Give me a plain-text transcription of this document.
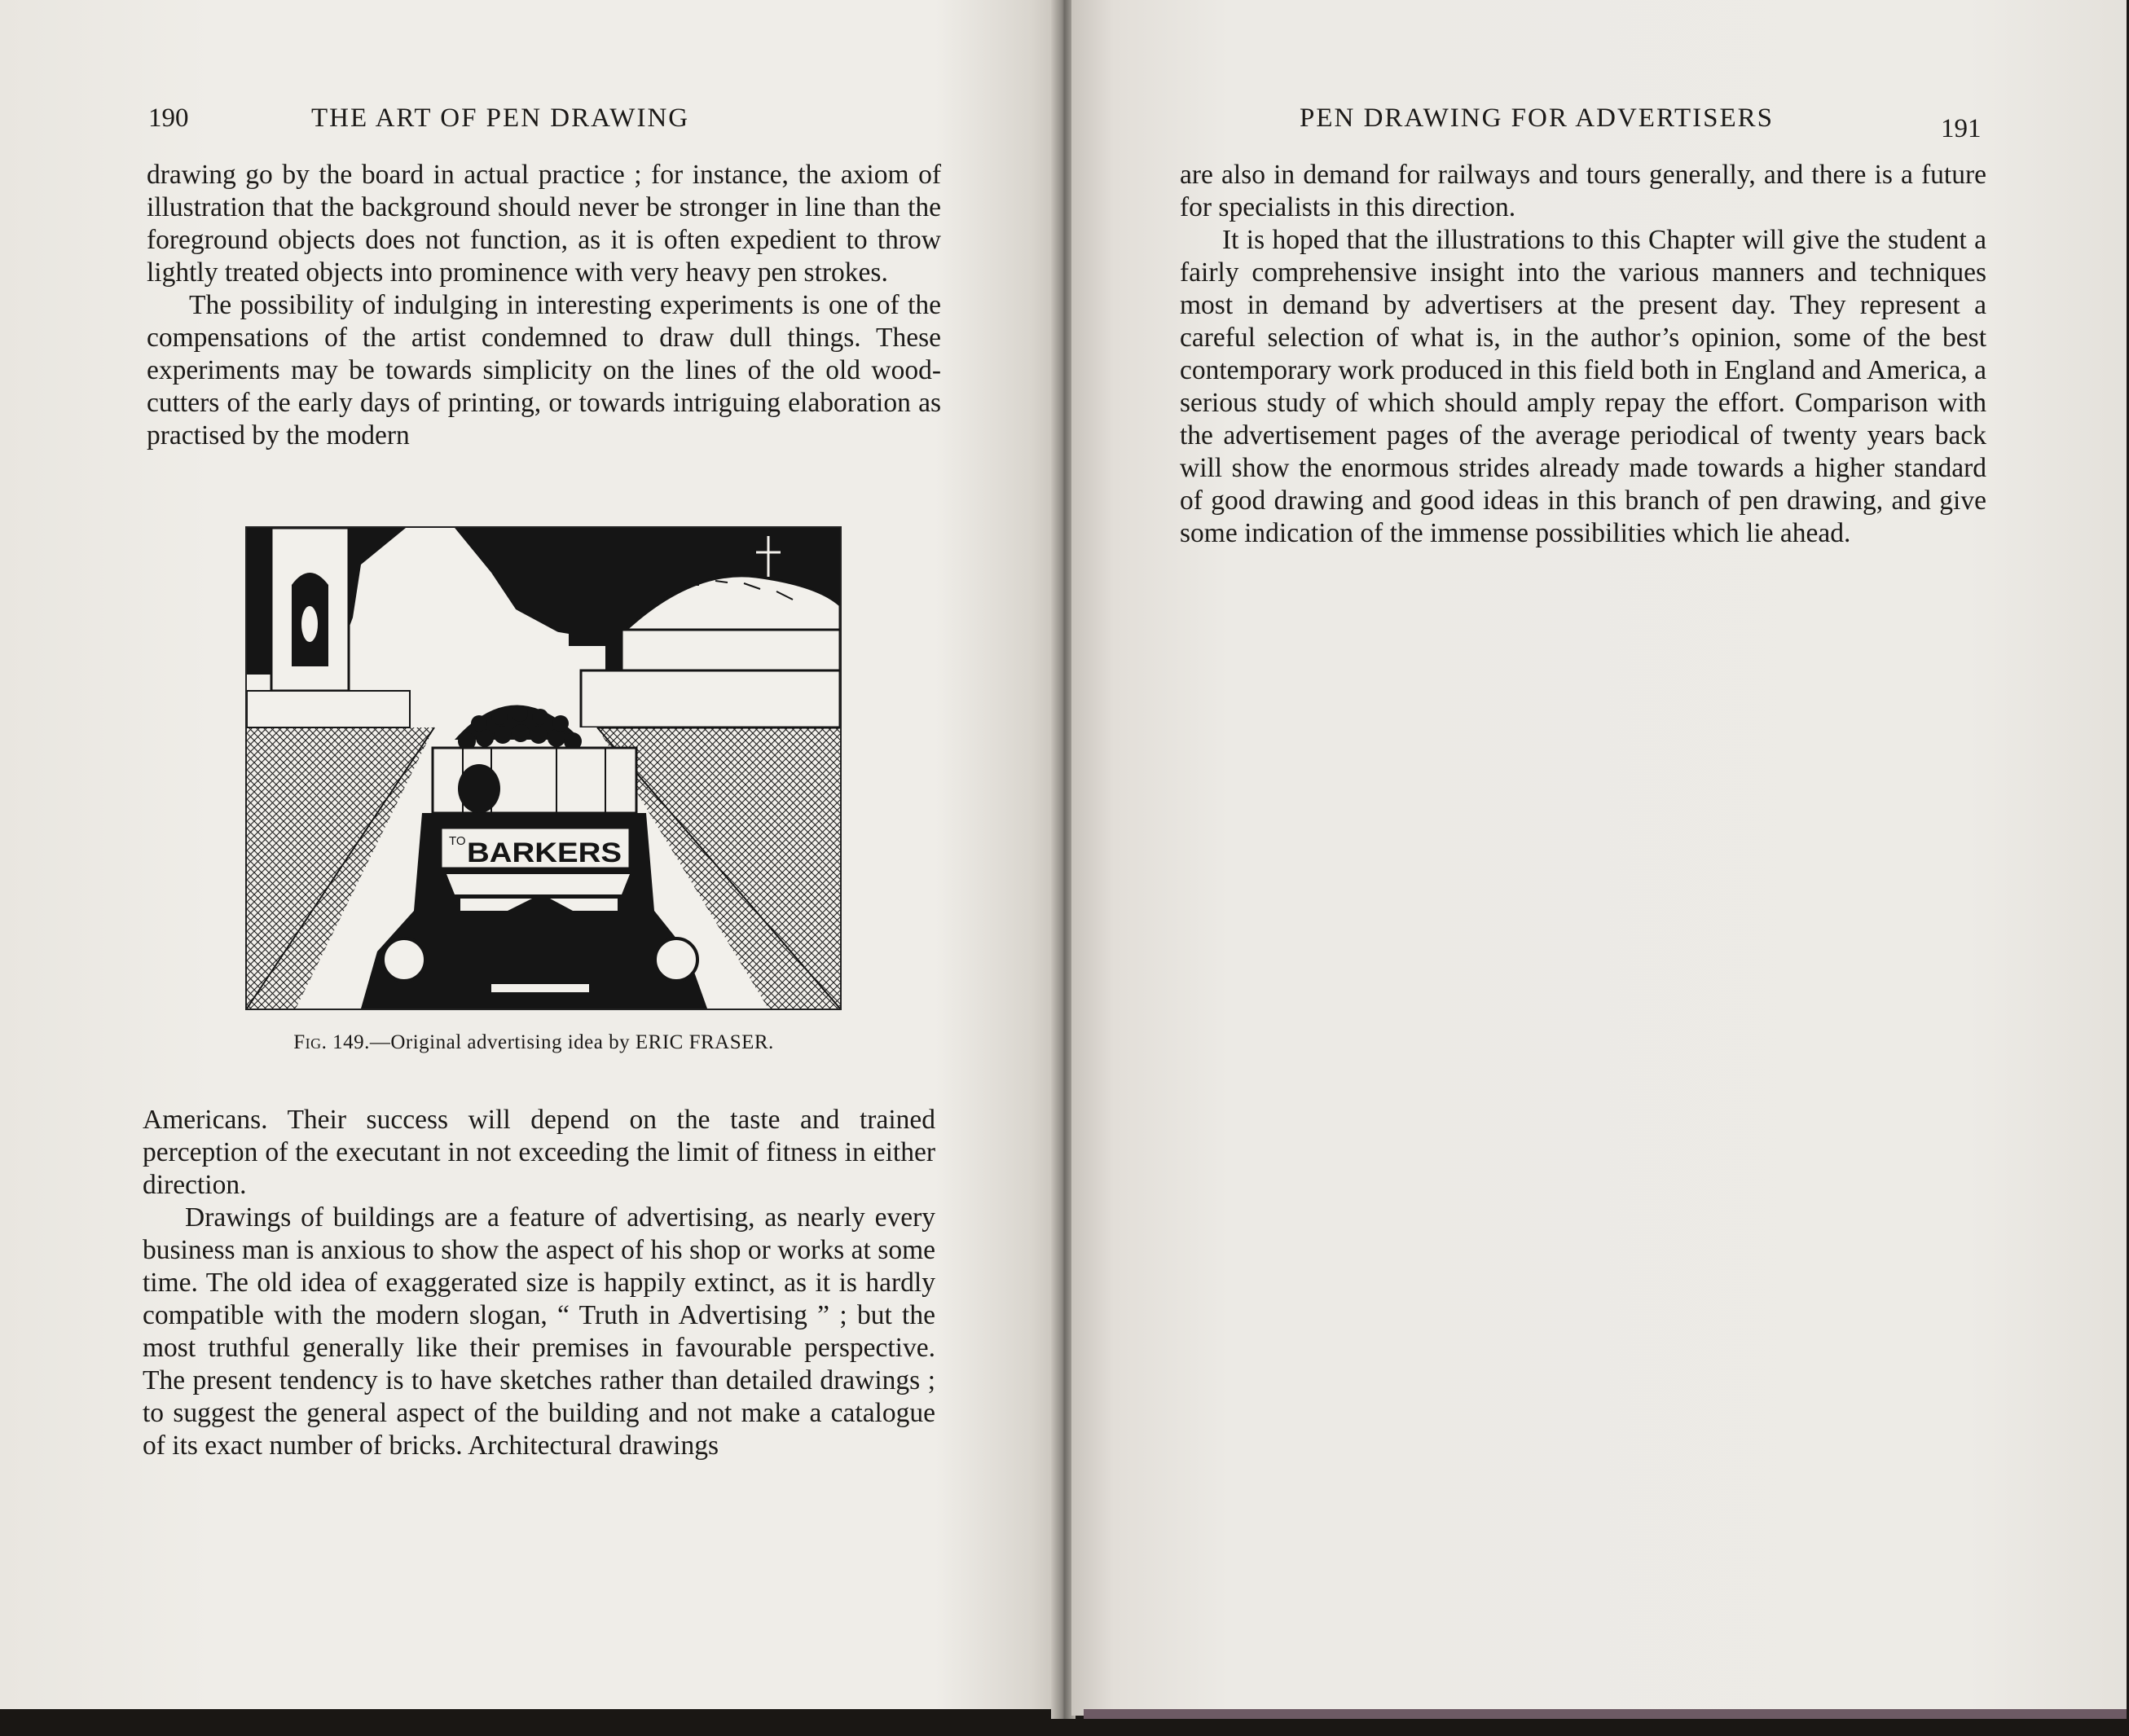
190	THE ART OF PEN DRAWING

drawing go by the board in actual practice ; for instance, the axiom of illustration that the background should never be stronger in line than the foreground objects does not function, as it is often expedient to throw lightly treated objects into prominence with very heavy pen strokes.

The possibility of indulging in interesting experiments is one of the compensations of the artist condemned to draw dull things. These experiments may be towards simplicity on the lines of the old wood-cutters of the early days of printing, or towards intriguing elaboration as practised by the modern

TO BARKERS
Fig. 149.—Original advertising idea by ERIC FRASER.

Americans. Their success will depend on the taste and trained perception of the executant in not exceeding the limit of fitness in either direction.

Drawings of buildings are a feature of advertising, as nearly every business man is anxious to show the aspect of his shop or works at some time. The old idea of exaggerated size is happily extinct, as it is hardly compatible with the modern slogan, “ Truth in Advertising ” ; but the most truthful generally like their premises in favourable perspective. The present tendency is to have sketches rather than detailed drawings ; to suggest the general aspect of the building and not make a catalogue of its exact number of bricks. Architectural drawings

PEN DRAWING FOR ADVERTISERS	191

are also in demand for railways and tours generally, and there is a future for specialists in this direction.

It is hoped that the illustrations to this Chapter will give the student a fairly comprehensive insight into the various manners and techniques most in demand by advertisers at the present day. They represent a careful selection of what is, in the author’s opinion, some of the best contemporary work produced in this field both in England and America, a serious study of which should amply repay the effort. Comparison with the advertisement pages of the average periodical of twenty years back will show the enormous strides already made towards a higher standard of good drawing and good ideas in this branch of pen drawing, and give some indication of the immense possibilities which lie ahead.
